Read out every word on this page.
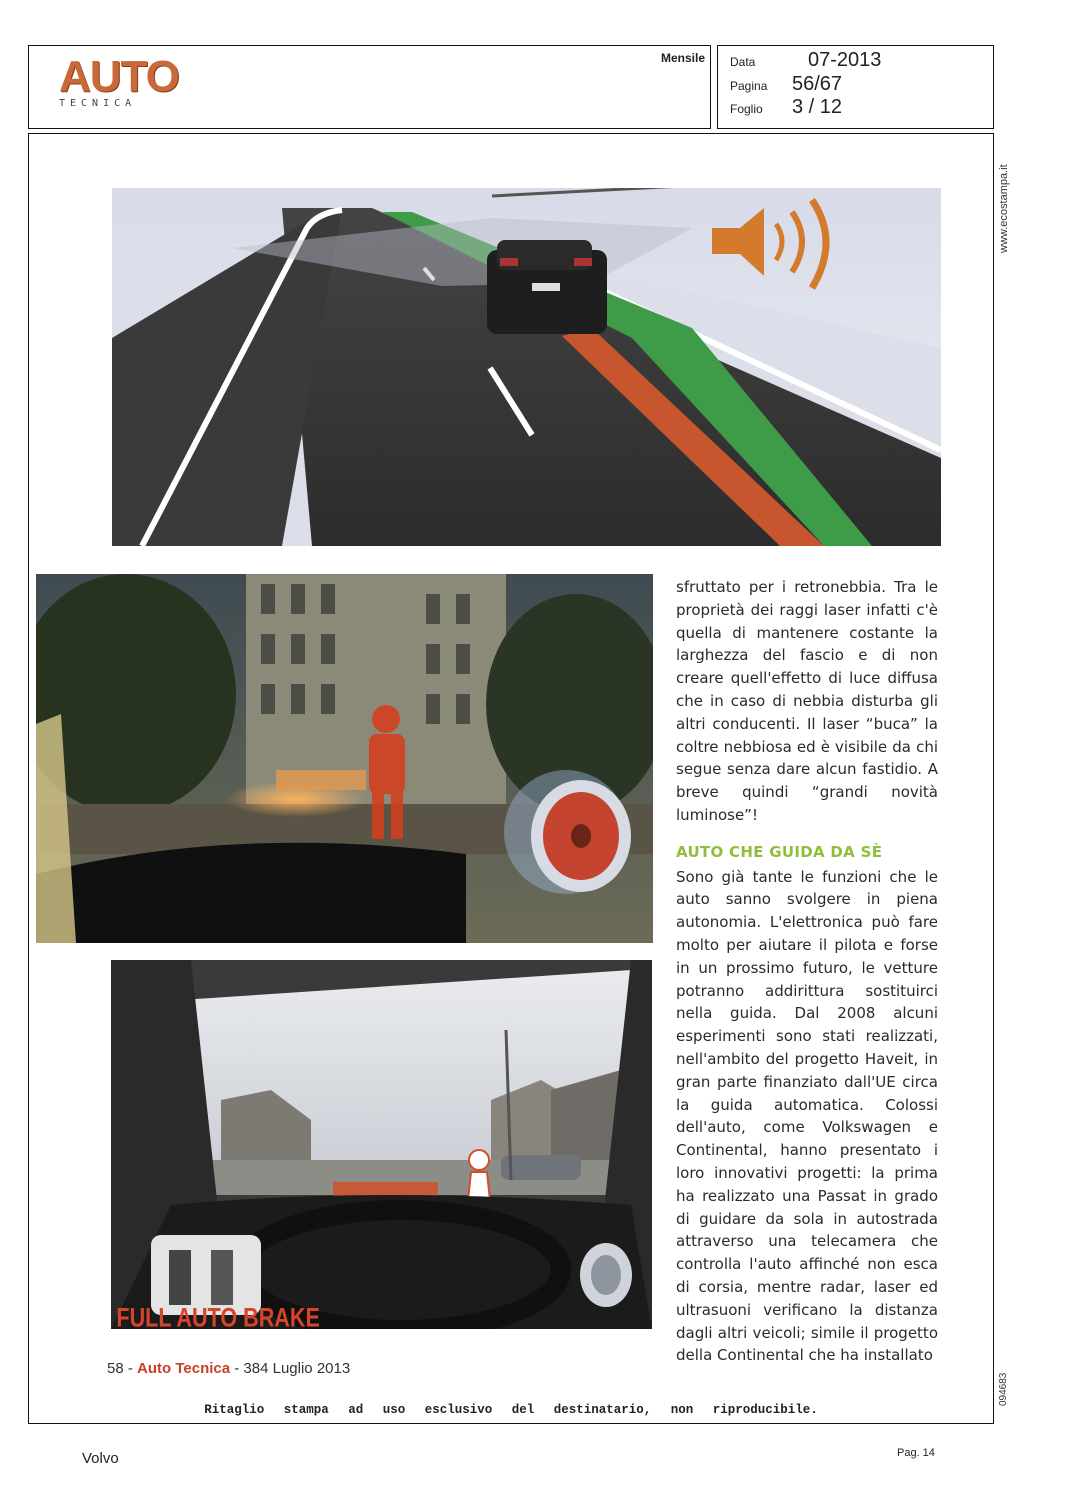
AUTO
TECNICA
Mensile Data	07-2013
Pagina 56/67
Foglio 3 / 12
www.ecostampa.it
094683
FULL AUTO BRAKE

sfruttato per i retronebbia. Tra le proprietà dei raggi laser infatti c'è quella di mantenere costante la larghezza del fascio e di non creare quell'effetto di luce diffusa che in caso di nebbia disturba gli altri conducenti. Il laser “buca” la coltre nebbiosa ed è visibile da chi segue senza dare alcun fastidio. A breve quindi “grandi novità luminose”!

AUTO CHE GUIDA DA SÈ

Sono già tante le funzioni che le auto sanno svolgere in piena autonomia. L'elettronica può fare molto per aiutare il pilota e forse in un prossimo futuro, le vetture potranno addirittura sostituirci nella guida. Dal 2008 alcuni esperimenti sono stati realizzati, nell'ambito del progetto Haveit, in gran parte finanziato dall'UE circa la guida automatica. Colossi dell'auto, come Volkswagen e Continental, hanno presentato i loro innovativi progetti: la prima ha realizzato una Passat in grado di guidare da sola in autostrada attraverso una telecamera che controlla l'auto affinché non esca di corsia, mentre radar, laser ed ultrasuoni verificano la distanza dagli altri veicoli; simile il progetto della Continental che ha installato

58 - Auto Tecnica - 384 Luglio 2013
Ritaglio stampa ad uso esclusivo del destinatario, non riproducibile.
Volvo	Pag. 14
